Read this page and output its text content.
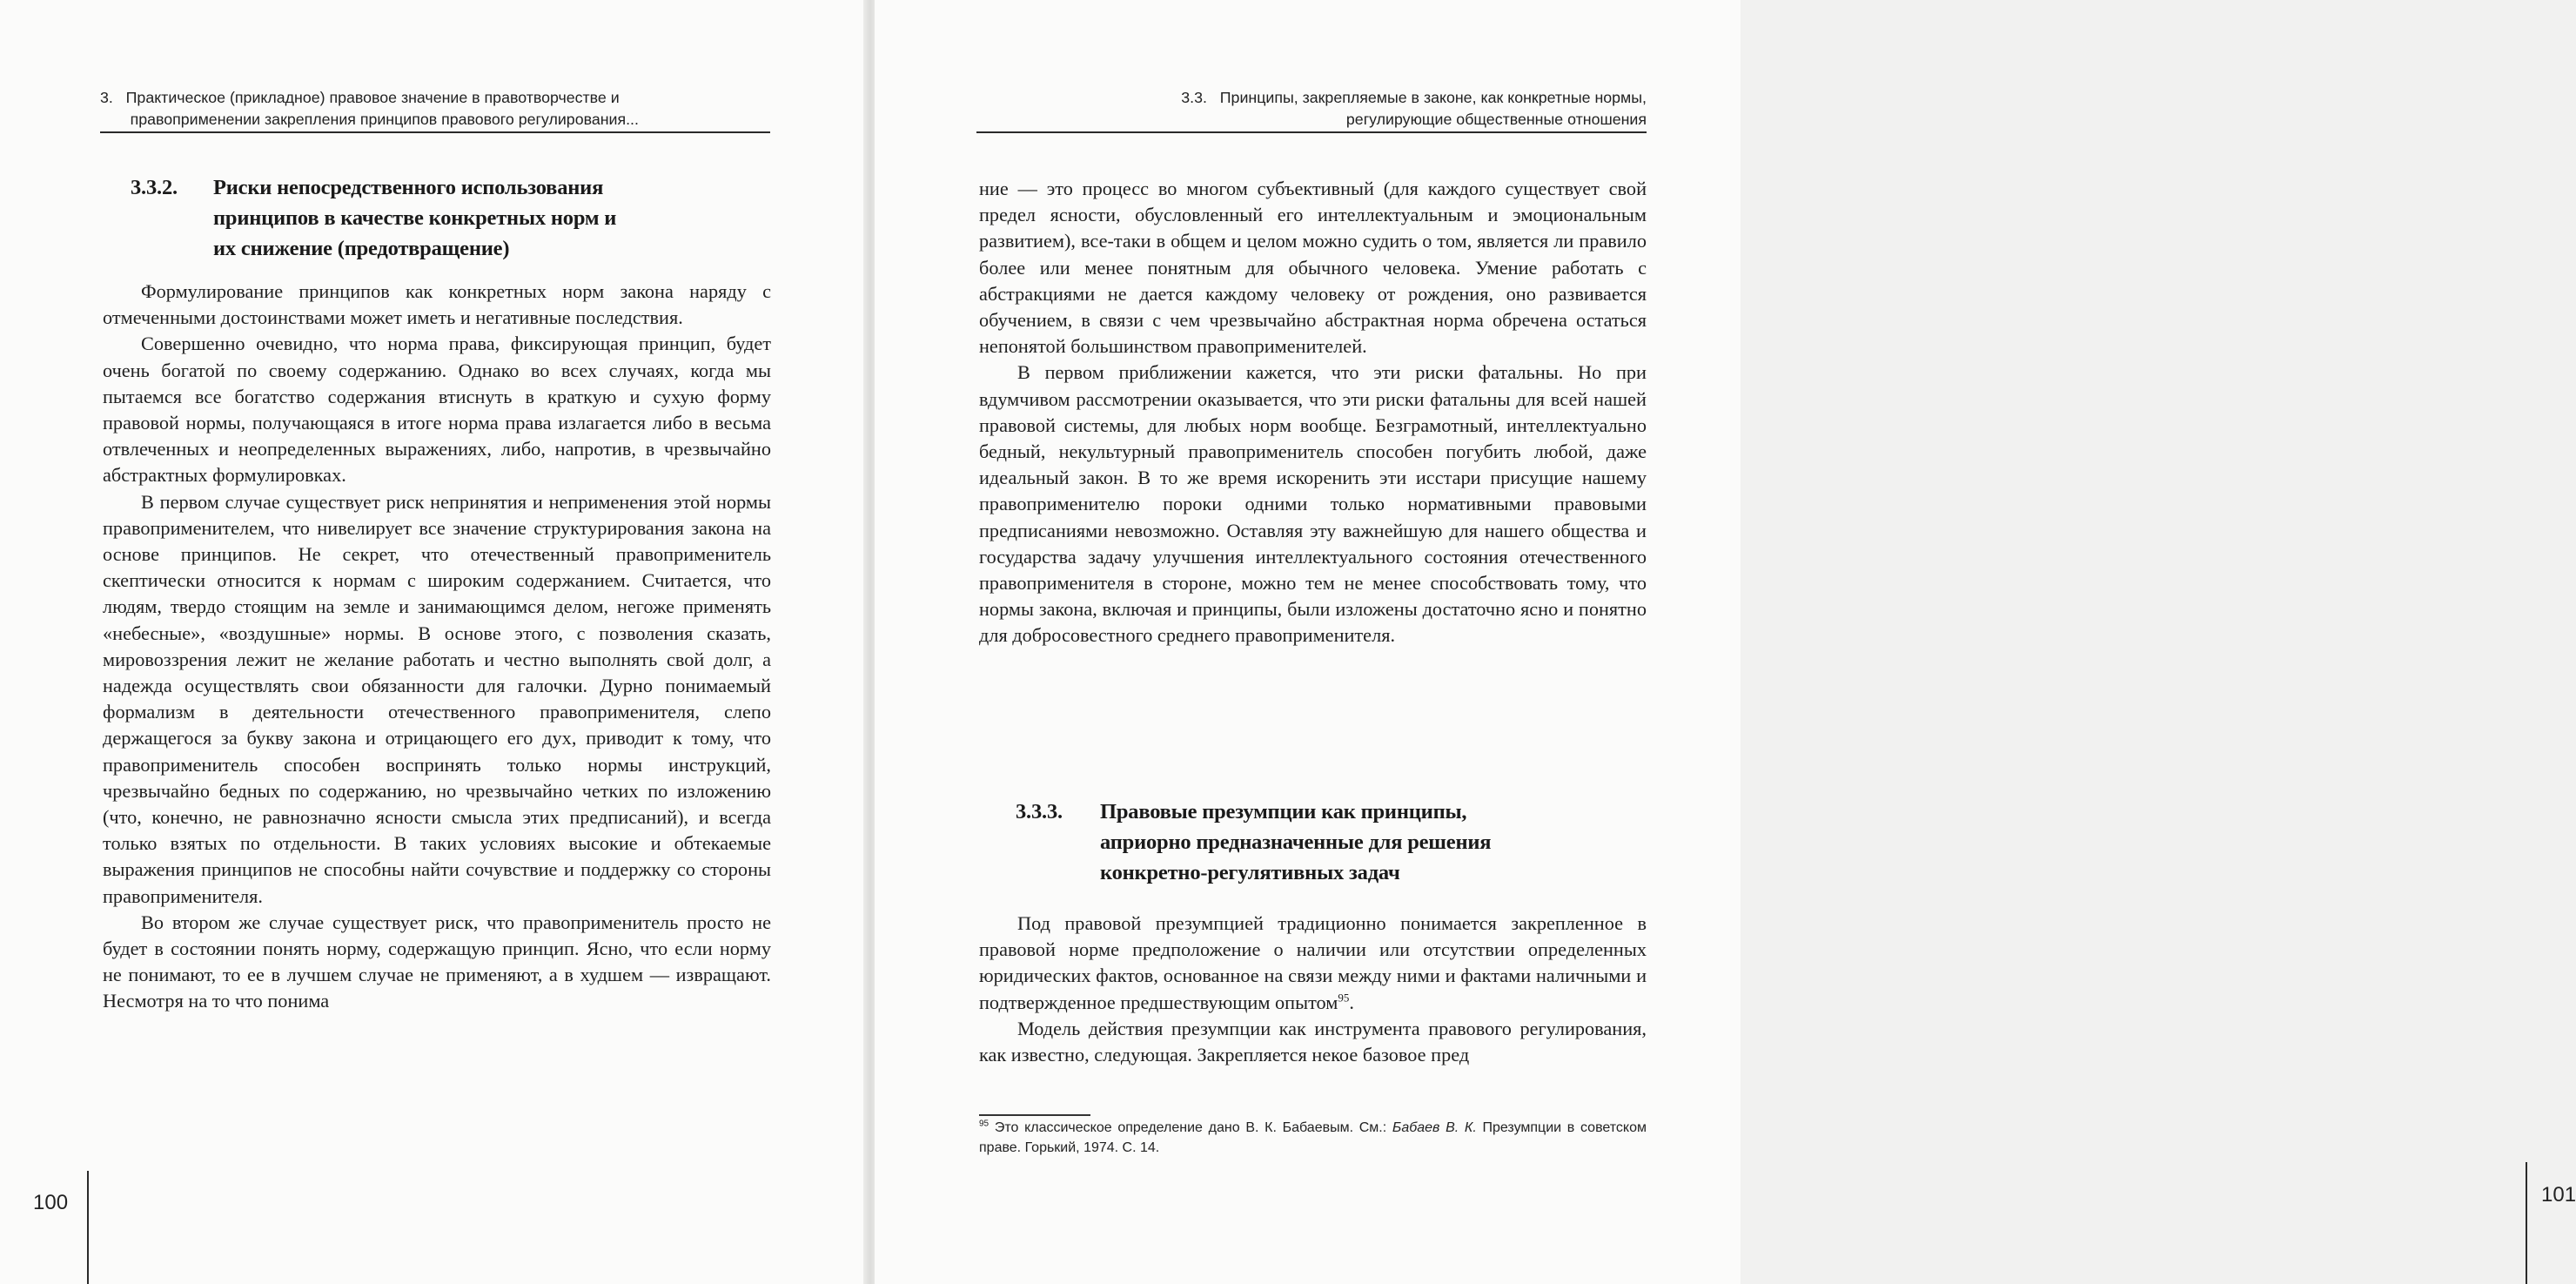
3.   Практическое (прикладное) правовое значение в правотворчестве и
правоприменении закрепления принципов правового регулирования...
3.3.2. Риски непосредственного использования
принципов в качестве конкретных норм и
их снижение (предотвращение)

Формулирование принципов как конкретных норм закона наряду с отмеченными достоинствами может иметь и негативные последствия.

Совершенно очевидно, что норма права, фиксирующая принцип, будет очень богатой по своему содержанию. Однако во всех случаях, когда мы пытаемся все богатство содержания втиснуть в краткую и сухую форму правовой нормы, получающаяся в итоге норма права излагается либо в весьма отвлеченных и неопределенных выражениях, либо, напротив, в чрезвычайно абстрактных формулировках.

В первом случае существует риск непринятия и неприменения этой нормы правоприменителем, что нивелирует все значение структурирования закона на основе принципов. Не секрет, что отечественный правоприменитель скептически относится к нормам с широким содержанием. Считается, что людям, твердо стоящим на земле и занимающимся делом, негоже применять «небесные», «воздушные» нормы. В основе этого, с позволения сказать, мировоззрения лежит не желание работать и честно выполнять свой долг, а надежда осуществлять свои обязанности для галочки. Дурно понимаемый формализм в деятельности отечественного правоприменителя, слепо держащегося за букву закона и отрицающего его дух, приводит к тому, что правоприменитель способен воспринять только нормы инструкций, чрезвычайно бедных по содержанию, но чрезвычайно четких по изложению (что, конечно, не равнозначно ясности смысла этих предписаний), и всегда только взятых по отдельности. В таких условиях высокие и обтекаемые выражения принципов не способны найти сочувствие и поддержку со стороны правоприменителя.

Во втором же случае существует риск, что правоприменитель просто не будет в состоянии понять норму, содержащую принцип. Ясно, что если норму не понимают, то ее в лучшем случае не применяют, а в худшем — извращают. Несмотря на то что понима

100
3.3.   Принципы, закрепляемые в законе, как конкретные нормы,
регулирующие общественные отношения

ние — это процесс во многом субъективный (для каждого существует свой предел ясности, обусловленный его интеллектуальным и эмоциональным развитием), все-таки в общем и целом можно судить о том, является ли правило более или менее понятным для обычного человека. Умение работать с абстракциями не дается каждому человеку от рождения, оно развивается обучением, в связи с чем чрезвычайно абстрактная норма обречена остаться непонятой большинством правоприменителей.

В первом приближении кажется, что эти риски фатальны. Но при вдумчивом рассмотрении оказывается, что эти риски фатальны для всей нашей правовой системы, для любых норм вообще. Безграмотный, интеллектуально бедный, некультурный правоприменитель способен погубить любой, даже идеальный закон. В то же время искоренить эти исстари присущие нашему правоприменителю пороки одними только нормативными правовыми предписаниями невозможно. Оставляя эту важнейшую для нашего общества и государства задачу улучшения интеллектуального состояния отечественного правоприменителя в стороне, можно тем не менее способствовать тому, что нормы закона, включая и принципы, были изложены достаточно ясно и понятно для добросовестного среднего правоприменителя.

3.3.3. Правовые презумпции как принципы,
априорно предназначенные для решения
конкретно-регулятивных задач

Под правовой презумпцией традиционно понимается закрепленное в правовой норме предположение о наличии или отсутствии определенных юридических фактов, основанное на связи между ними и фактами наличными и подтвержденное предшествующим опытом$^{95}$.

Модель действия презумпции как инструмента правового регулирования, как известно, следующая. Закрепляется некое базовое пред

$^{95}$ Это классическое определение дано В. К. Бабаевым. См.: Бабаев В. К. Презумпции в советском праве. Горький, 1974. С. 14.
101
